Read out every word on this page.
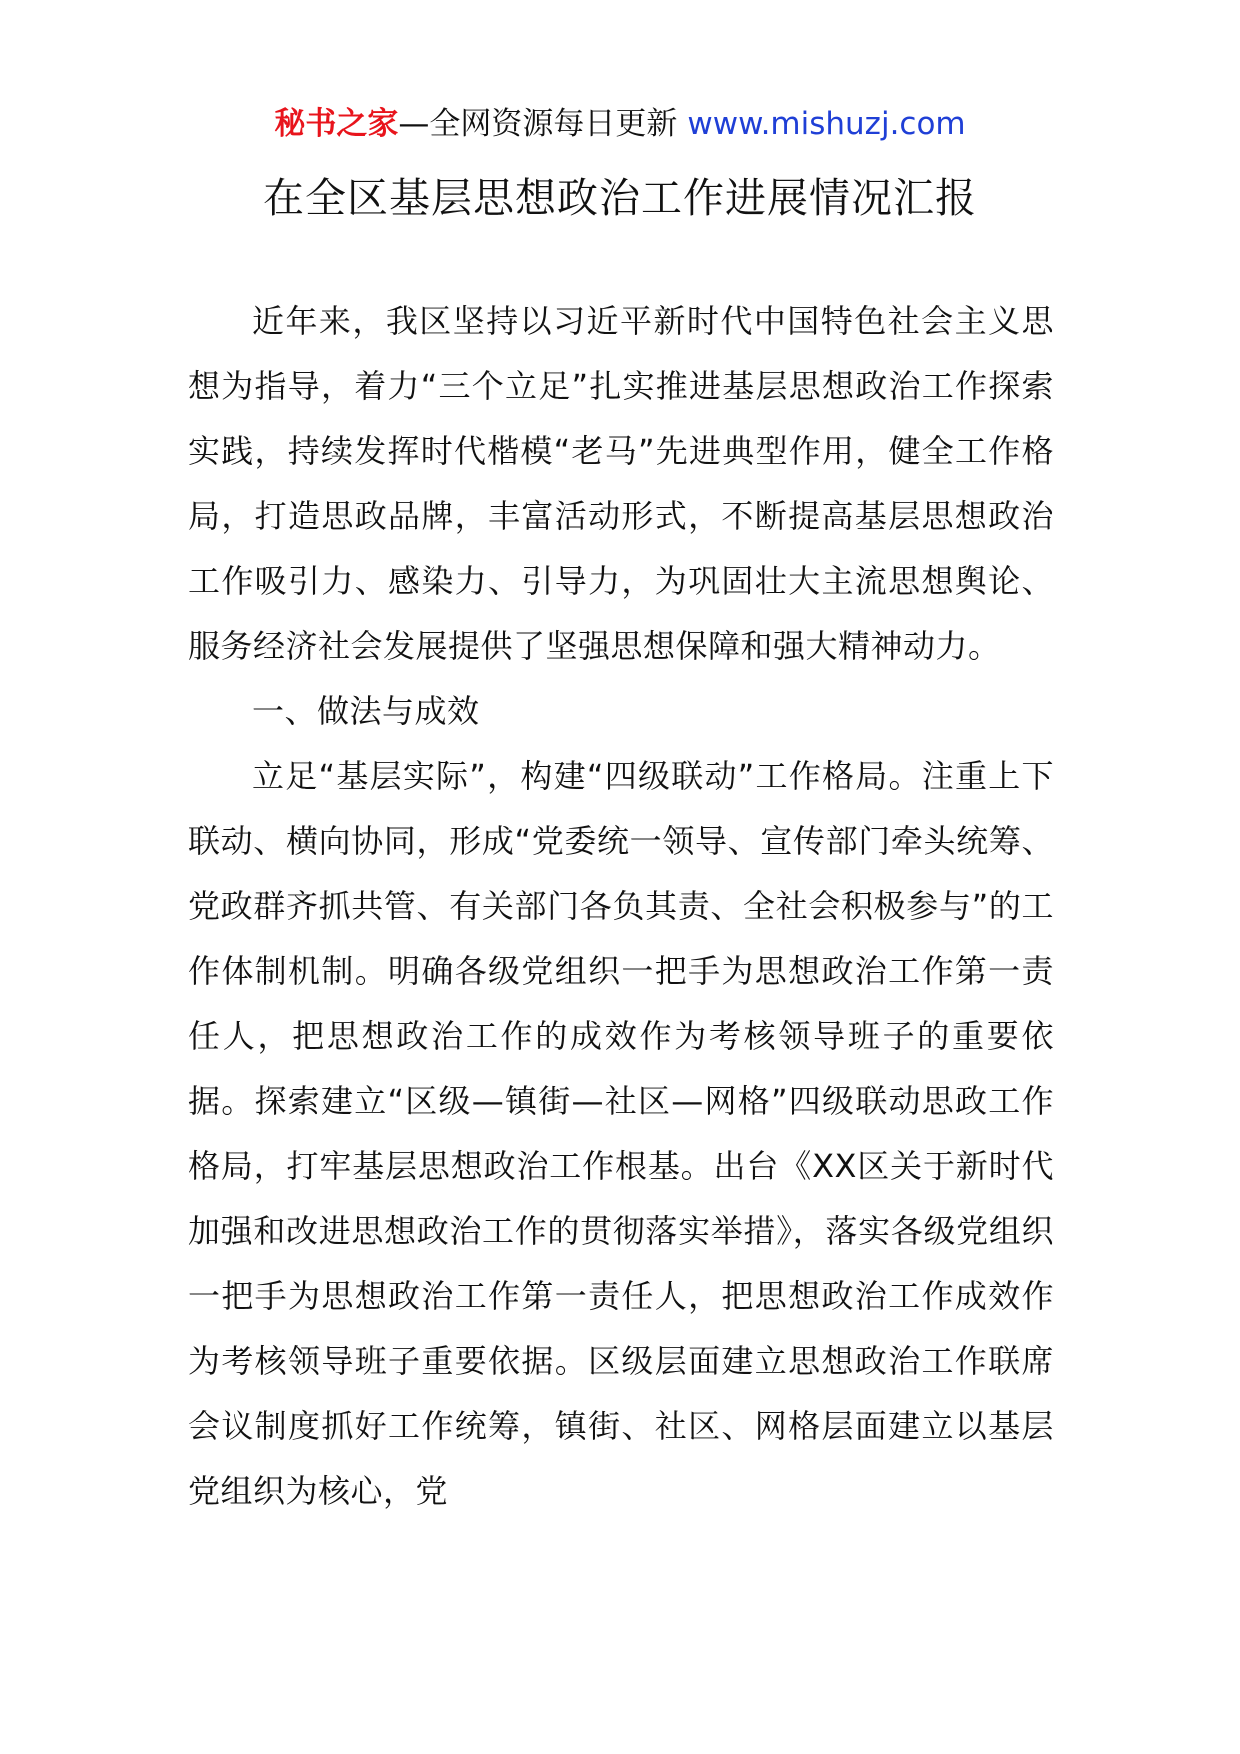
秘书之家—全网资源每日更新 www.mishuzj.com
在全区基层思想政治工作进展情况汇报

近年来，我区坚持以习近平新时代中国特色社会主义思想为指导，着力“三个立足”扎实推进基层思想政治工作探索实践，持续发挥时代楷模“老马”先进典型作用，健全工作格局，打造思政品牌，丰富活动形式，不断提高基层思想政治工作吸引力、感染力、引导力，为巩固壮大主流思想舆论、服务经济社会发展提供了坚强思想保障和强大精神动力。

一、做法与成效

立足“基层实际”，构建“四级联动”工作格局。注重上下联动、横向协同，形成“党委统一领导、宣传部门牵头统筹、党政群齐抓共管、有关部门各负其责、全社会积极参与”的工作体制机制。明确各级党组织一把手为思想政治工作第一责任人，把思想政治工作的成效作为考核领导班子的重要依据。探索建立“区级—镇街—社区—网格”四级联动思政工作格局，打牢基层思想政治工作根基。出台《XX区关于新时代加强和改进思想政治工作的贯彻落实举措》，落实各级党组织一把手为思想政治工作第一责任人，把思想政治工作成效作为考核领导班子重要依据。区级层面建立思想政治工作联席会议制度抓好工作统筹，镇街、社区、网格层面建立以基层党组织为核心，党
